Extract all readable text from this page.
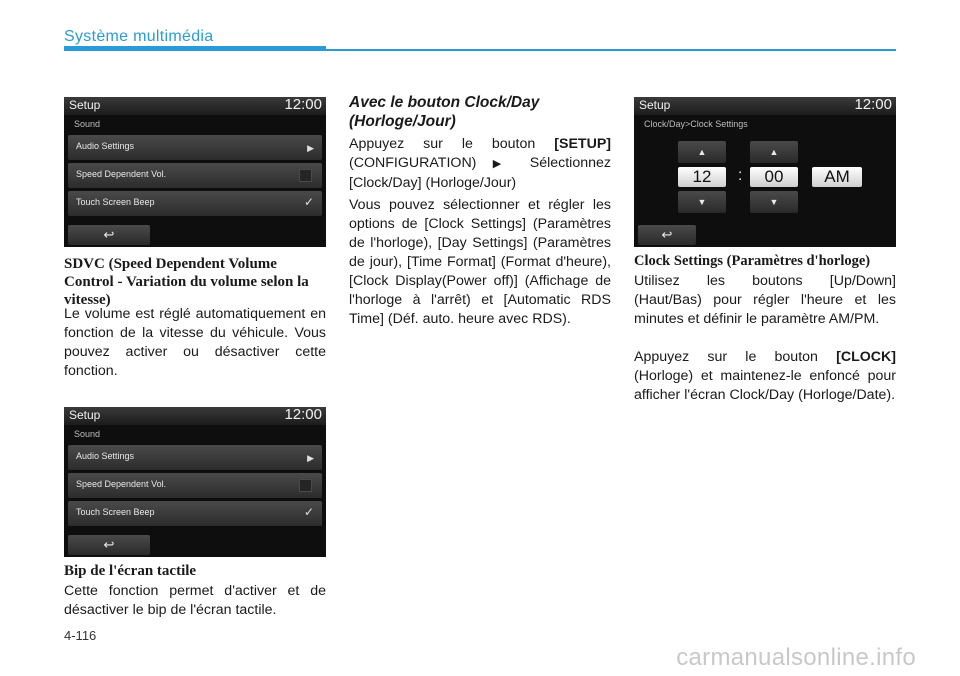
Système multimédia
Setup	12:00
Sound
Audio Settings	▶
Speed Dependent Vol.
Touch Screen Beep	✓
↩
SDVC (Speed Dependent Volume Control - Variation du volume selon la vitesse)
Le volume est réglé automatiquement en fonction de la vitesse du véhicule. Vous pouvez activer ou désactiver cette fonction.
Setup	12:00
Sound
Audio Settings	▶
Speed Dependent Vol.
Touch Screen Beep	✓
↩
Bip de l'écran tactile
Cette fonction permet d'activer et de désactiver le bip de l'écran tactile.
Avec le bouton Clock/Day (Horloge/Jour)
Appuyez sur le bouton [SETUP] (CONFIGURATION) ▶ Sélectionnez [Clock/Day] (Horloge/Jour)
Vous pouvez sélectionner et régler les options de [Clock Settings] (Paramètres de l'horloge), [Day Settings] (Paramètres de jour), [Time Format] (Format d'heure), [Clock Display(Power off)] (Affichage de l'horloge à l'arrêt) et [Automatic RDS Time] (Déf. auto. heure avec RDS).
Setup	12:00
Clock/Day>Clock Settings
▲	▲
12	:	00	AM
▼	▼
↩
Clock Settings (Paramètres d'horloge)
Utilisez les boutons [Up/Down] (Haut/Bas) pour régler l'heure et les minutes et définir le paramètre AM/PM.
Appuyez sur le bouton [CLOCK] (Horloge) et maintenez-le enfoncé pour afficher l'écran Clock/Day (Horloge/Date).
4-116
carmanualsonline.info
